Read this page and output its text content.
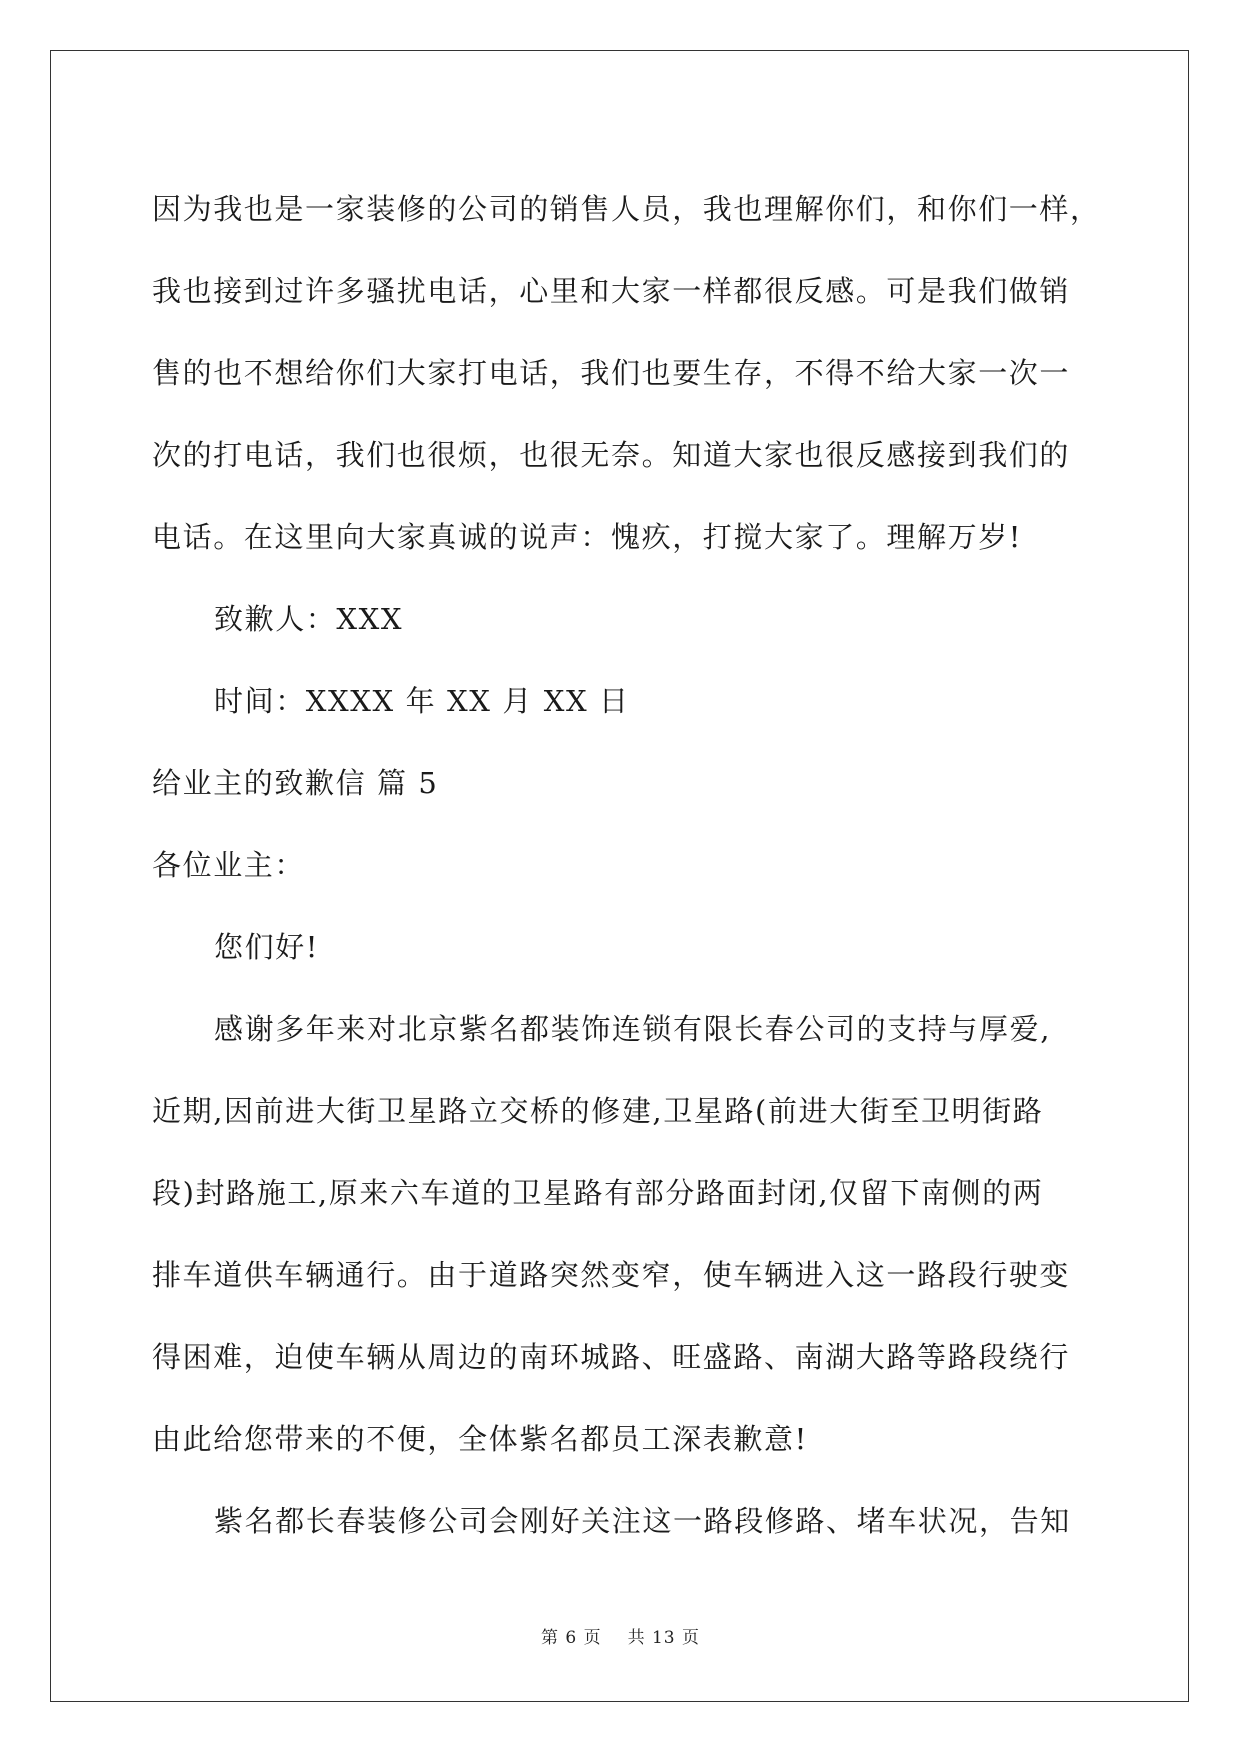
因为我也是一家装修的公司的销售人员，我也理解你们，和你们一样，
我也接到过许多骚扰电话，心里和大家一样都很反感。可是我们做销
售的也不想给你们大家打电话，我们也要生存，不得不给大家一次一
次的打电话，我们也很烦，也很无奈。知道大家也很反感接到我们的
电话。在这里向大家真诚的说声：愧疚，打搅大家了。理解万岁!
致歉人：XXX
时间：XXXX 年 XX 月 XX 日
给业主的致歉信 篇 5
各位业主：
您们好!
感谢多年来对北京紫名都装饰连锁有限长春公司的支持与厚爱,
近期,因前进大街卫星路立交桥的修建,卫星路(前进大街至卫明街路
段)封路施工,原来六车道的卫星路有部分路面封闭,仅留下南侧的两
排车道供车辆通行。由于道路突然变窄，使车辆进入这一路段行驶变
得困难，迫使车辆从周边的南环城路、旺盛路、南湖大路等路段绕行
由此给您带来的不便，全体紫名都员工深表歉意!
紫名都长春装修公司会刚好关注这一路段修路、堵车状况，告知
第 6 页 共 13 页
